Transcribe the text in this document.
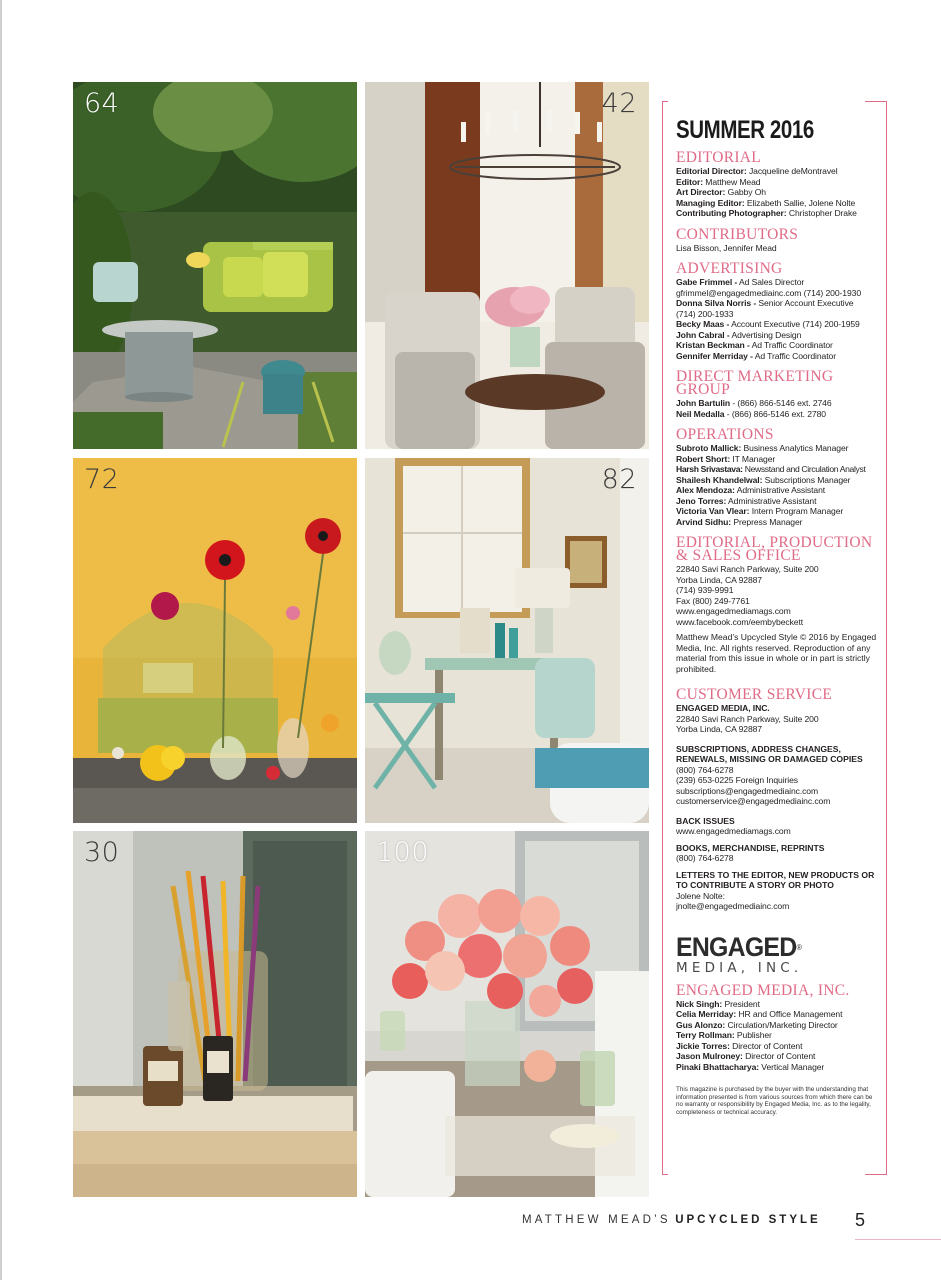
64	42
72	82
30	100
SUMMER 2016
EDITORIAL
Editorial Director: Jacqueline deMontravel
Editor: Matthew Mead
Art Director: Gabby Oh
Managing Editor: Elizabeth Sallie, Jolene Nolte
Contributing Photographer: Christopher Drake
CONTRIBUTORS
Lisa Bisson, Jennifer Mead
ADVERTISING
Gabe Frimmel - Ad Sales Director
gfrimmel@engagedmediainc.com (714) 200-1930
Donna Silva Norris - Senior Account Executive
(714) 200-1933
Becky Maas - Account Executive (714) 200-1959
John Cabral - Advertising Design
Kristan Beckman - Ad Traffic Coordinator
Gennifer Merriday - Ad Traffic Coordinator
DIRECT MARKETING
GROUP
John Bartulin - (866) 866-5146 ext. 2746
Neil Medalla - (866) 866-5146 ext. 2780
OPERATIONS
Subroto Mallick: Business Analytics Manager
Robert Short: IT Manager
Harsh Srivastava: Newsstand and Circulation Analyst
Shailesh Khandelwal: Subscriptions Manager
Alex Mendoza: Administrative Assistant
Jeno Torres: Administrative Assistant
Victoria Van Vlear: Intern Program Manager
Arvind Sidhu: Prepress Manager
EDITORIAL, PRODUCTION
& SALES OFFICE
22840 Savi Ranch Parkway, Suite 200
Yorba Linda, CA 92887
(714) 939-9991
Fax (800) 249-7761
www.engagedmediamags.com
www.facebook.com/eembybeckett
Matthew Mead’s Upcycled Style © 2016 by Engaged Media, Inc. All rights reserved. Reproduction of any material from this issue in whole or in part is strictly prohibited.
CUSTOMER SERVICE
ENGAGED MEDIA, INC.
22840 Savi Ranch Parkway, Suite 200
Yorba Linda, CA 92887
SUBSCRIPTIONS, ADDRESS CHANGES,
RENEWALS, MISSING OR DAMAGED COPIES
(800) 764-6278
(239) 653-0225 Foreign Inquiries
subscriptions@engagedmediainc.com
customerservice@engagedmediainc.com
BACK ISSUES
www.engagedmediamags.com
BOOKS, MERCHANDISE, REPRINTS
(800) 764-6278
LETTERS TO THE EDITOR, NEW PRODUCTS OR
TO CONTRIBUTE A STORY OR PHOTO
Jolene Nolte:
jnolte@engagedmediainc.com
ENGAGED®
MEDIA, INC.
ENGAGED MEDIA, INC.
Nick Singh: President
Celia Merriday: HR and Office Management
Gus Alonzo: Circulation/Marketing Director
Terry Rollman: Publisher
Jickie Torres: Director of Content
Jason Mulroney: Director of Content
Pinaki Bhattacharya: Vertical Manager
This magazine is purchased by the buyer with the understanding that information presented is from various sources from which there can be no warranty or responsibility by Engaged Media, Inc. as to the legality, completeness or technical accuracy.
MATTHEW MEAD’S UPCYCLED STYLE 5
